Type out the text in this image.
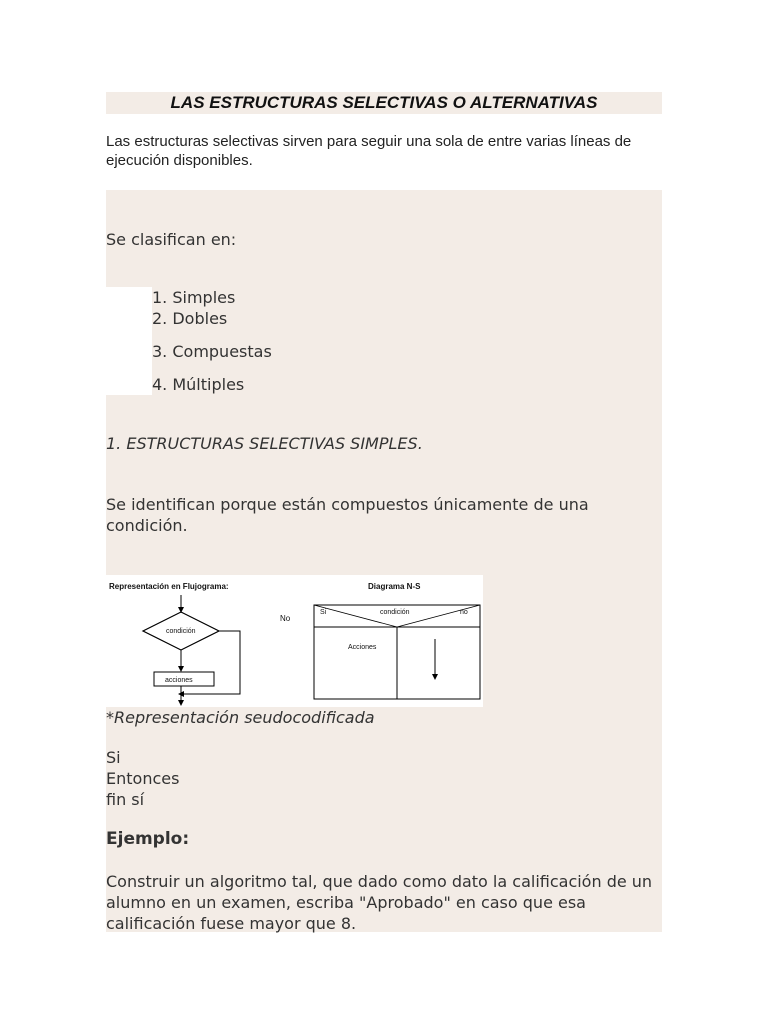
LAS ESTRUCTURAS SELECTIVAS O ALTERNATIVAS
Las estructuras selectivas sirven para seguir una sola de entre varias líneas de ejecución disponibles.
Se clasifican en:
1. Simples
2. Dobles
3. Compuestas
4. Múltiples
1. ESTRUCTURAS SELECTIVAS SIMPLES.
Se identifican porque están compuestos únicamente de una condición.
Representación en Flujograma:
condición
acciones
No
Diagrama N-S
Si	condición	no
Acciones
*Representación seudocodificada
Si
Entonces
fin sí
Ejemplo:
Construir un algoritmo tal, que dado como dato la calificación de un alumno en un examen, escriba "Aprobado" en caso que esa calificación fuese mayor que 8.
